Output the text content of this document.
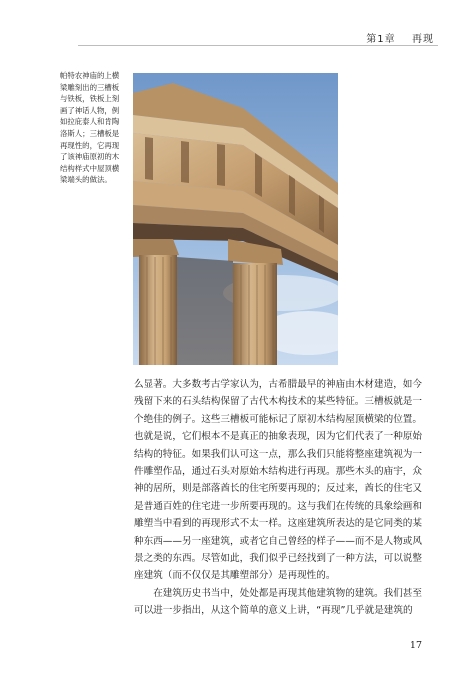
第1章 再现
帕特农神庙的上横梁雕刻出的三槽板与铁板，铁板上刻画了神话人物，例如拉庇泰人和肯陶洛斯人；三槽板是再现性的，它再现了该神庙原初的木结构样式中屋顶横梁端头的做法。

么显著。大多数考古学家认为，古希腊最早的神庙由木材建造，如今残留下来的石头结构保留了古代木构技术的某些特征。三槽板就是一个绝佳的例子。这些三槽板可能标记了原初木结构屋顶横梁的位置。也就是说，它们根本不是真正的抽象表现，因为它们代表了一种原始结构的特征。如果我们认可这一点，那么我们只能将整座建筑视为一件雕塑作品，通过石头对原始木结构进行再现。那些木头的庙宇，众神的居所，则是部落酋长的住宅所要再现的；反过来，酋长的住宅又是普通百姓的住宅进一步所要再现的。这与我们在传统的具象绘画和雕塑当中看到的再现形式不太一样。这座建筑所表达的是它同类的某种东西——另一座建筑，或者它自己曾经的样子——而不是人物或风景之类的东西。尽管如此，我们似乎已经找到了一种方法，可以说整座建筑（而不仅仅是其雕塑部分）是再现性的。

在建筑历史书当中，处处都是再现其他建筑物的建筑。我们甚至可以进一步指出，从这个简单的意义上讲，“再现”几乎就是建筑的

17
